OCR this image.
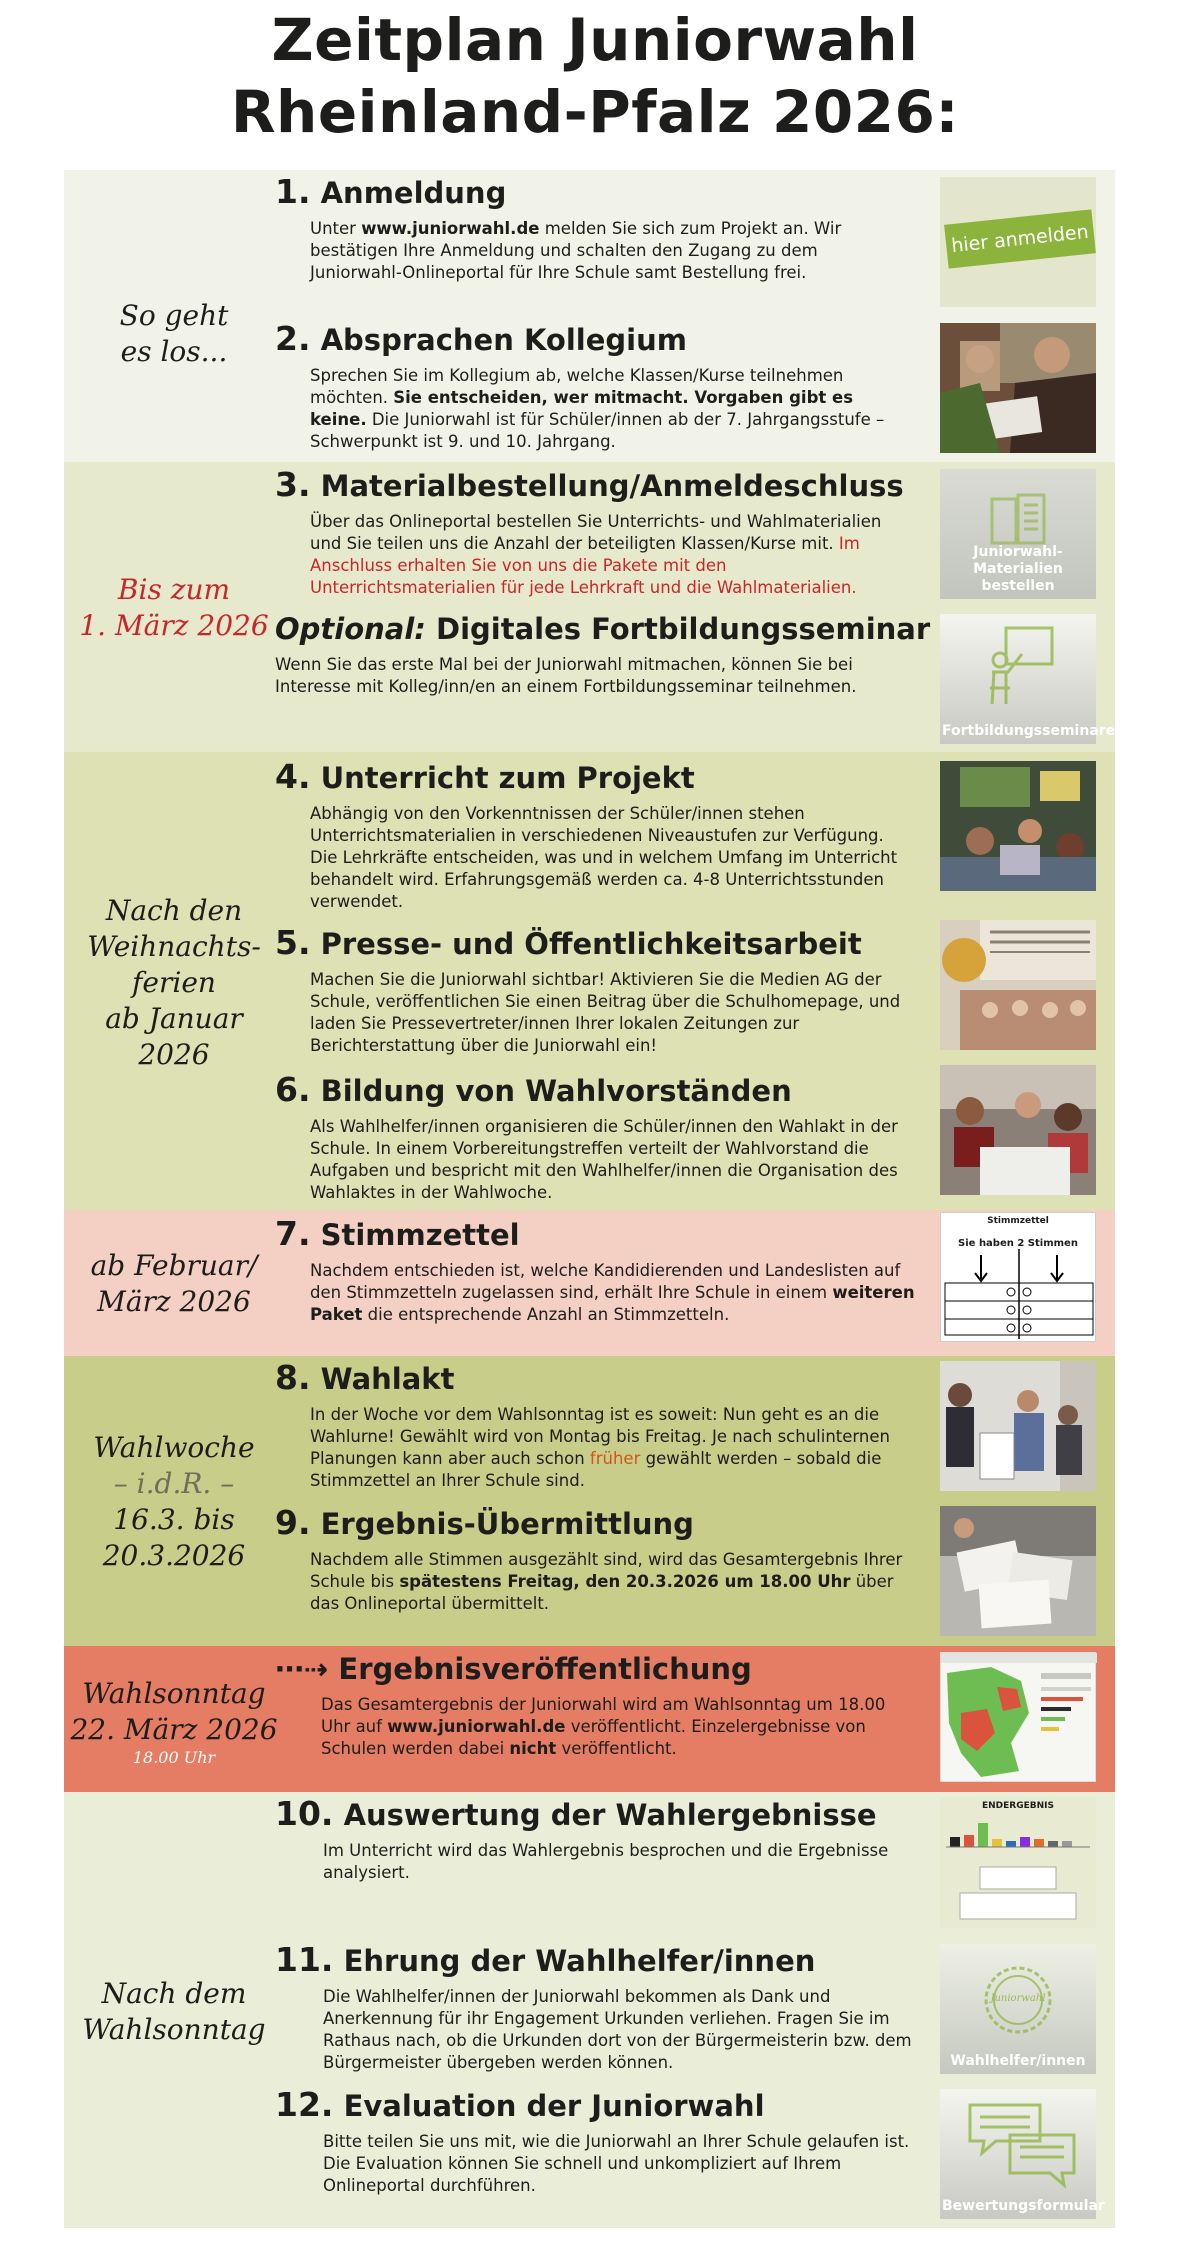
Zeitplan Juniorwahl
Rheinland-Pfalz 2026:
So geht
es los...
Bis zum
1. März 2026
Nach den
Weihnachts-
ferien
ab Januar
2026
ab Februar/
März 2026
Wahlwoche
– i.d.R. –
16.3. bis
20.3.2026
Wahlsonntag
22. März 2026
18.00 Uhr
Nach dem
Wahlsonntag
1. Anmeldung

Unter www.juniorwahl.de melden Sie sich zum Projekt an. Wir bestätigen Ihre Anmeldung und schalten den Zugang zu dem Juniorwahl-Onlineportal für Ihre Schule samt Bestellung frei.

2. Absprachen Kollegium

Sprechen Sie im Kollegium ab, welche Klassen/Kurse teilnehmen möchten. Sie entscheiden, wer mitmacht. Vorgaben gibt es keine. Die Juniorwahl ist für Schüler/innen ab der 7. Jahrgangsstufe – Schwerpunkt ist 9. und 10. Jahrgang.

3. Materialbestellung/Anmeldeschluss

Über das Onlineportal bestellen Sie Unterrichts- und Wahlmaterialien und Sie teilen uns die Anzahl der beteiligten Klassen/Kurse mit. Im Anschluss erhalten Sie von uns die Pakete mit den Unterrichtsmaterialien für jede Lehrkraft und die Wahlmaterialien.

Optional: Digitales Fortbildungsseminar

Wenn Sie das erste Mal bei der Juniorwahl mitmachen, können Sie bei Interesse mit Kolleg/inn/en an einem Fortbildungsseminar teilnehmen.

4. Unterricht zum Projekt

Abhängig von den Vorkenntnissen der Schüler/innen stehen Unterrichtsmaterialien in verschiedenen Niveaustufen zur Verfügung. Die Lehrkräfte entscheiden, was und in welchem Umfang im Unterricht behandelt wird. Erfahrungsgemäß werden ca. 4-8 Unterrichtsstunden verwendet.

5. Presse- und Öffentlichkeitsarbeit

Machen Sie die Juniorwahl sichtbar! Aktivieren Sie die Medien AG der Schule, veröffentlichen Sie einen Beitrag über die Schulhomepage, und laden Sie Pressevertreter/innen Ihrer lokalen Zeitungen zur Berichterstattung über die Juniorwahl ein!

6. Bildung von Wahlvorständen

Als Wahlhelfer/innen organisieren die Schüler/innen den Wahlakt in der Schule. In einem Vorbereitungstreffen verteilt der Wahlvorstand die Aufgaben und bespricht mit den Wahlhelfer/innen die Organisation des Wahlaktes in der Wahlwoche.

7. Stimmzettel

Nachdem entschieden ist, welche Kandidierenden und Landeslisten auf den Stimmzetteln zugelassen sind, erhält Ihre Schule in einem weiteren Paket die entsprechende Anzahl an Stimmzetteln.

8. Wahlakt

In der Woche vor dem Wahlsonntag ist es soweit: Nun geht es an die Wahlurne! Gewählt wird von Montag bis Freitag. Je nach schulinternen Planungen kann aber auch schon früher gewählt werden – sobald die Stimmzettel an Ihrer Schule sind.

9. Ergebnis-Übermittlung

Nachdem alle Stimmen ausgezählt sind, wird das Gesamtergebnis Ihrer Schule bis spätestens Freitag, den 20.3.2026 um 18.00 Uhr über das Onlineportal übermittelt.

⋯⇢ Ergebnisveröffentlichung

Das Gesamtergebnis der Juniorwahl wird am Wahlsonntag um 18.00 Uhr auf www.juniorwahl.de veröffentlicht. Einzelergebnisse von Schulen werden dabei nicht veröffentlicht.

10. Auswertung der Wahlergebnisse

Im Unterricht wird das Wahlergebnis besprochen und die Ergebnisse analysiert.

11. Ehrung der Wahlhelfer/innen

Die Wahlhelfer/innen der Juniorwahl bekommen als Dank und Anerkennung für ihr Engagement Urkunden verliehen. Fragen Sie im Rathaus nach, ob die Urkunden dort von der Bürgermeisterin bzw. dem Bürgermeister übergeben werden können.

12. Evaluation der Juniorwahl

Bitte teilen Sie uns mit, wie die Juniorwahl an Ihrer Schule gelaufen ist. Die Evaluation können Sie schnell und unkompliziert auf Ihrem Onlineportal durchführen.

hier anmelden
Juniorwahl-Materialien bestellen
Fortbildungsseminare
Stimmzettel
Sie haben 2 Stimmen
ENDERGEBNIS
Juniorwahl
Wahlhelfer/innen
Bewertungsformular
